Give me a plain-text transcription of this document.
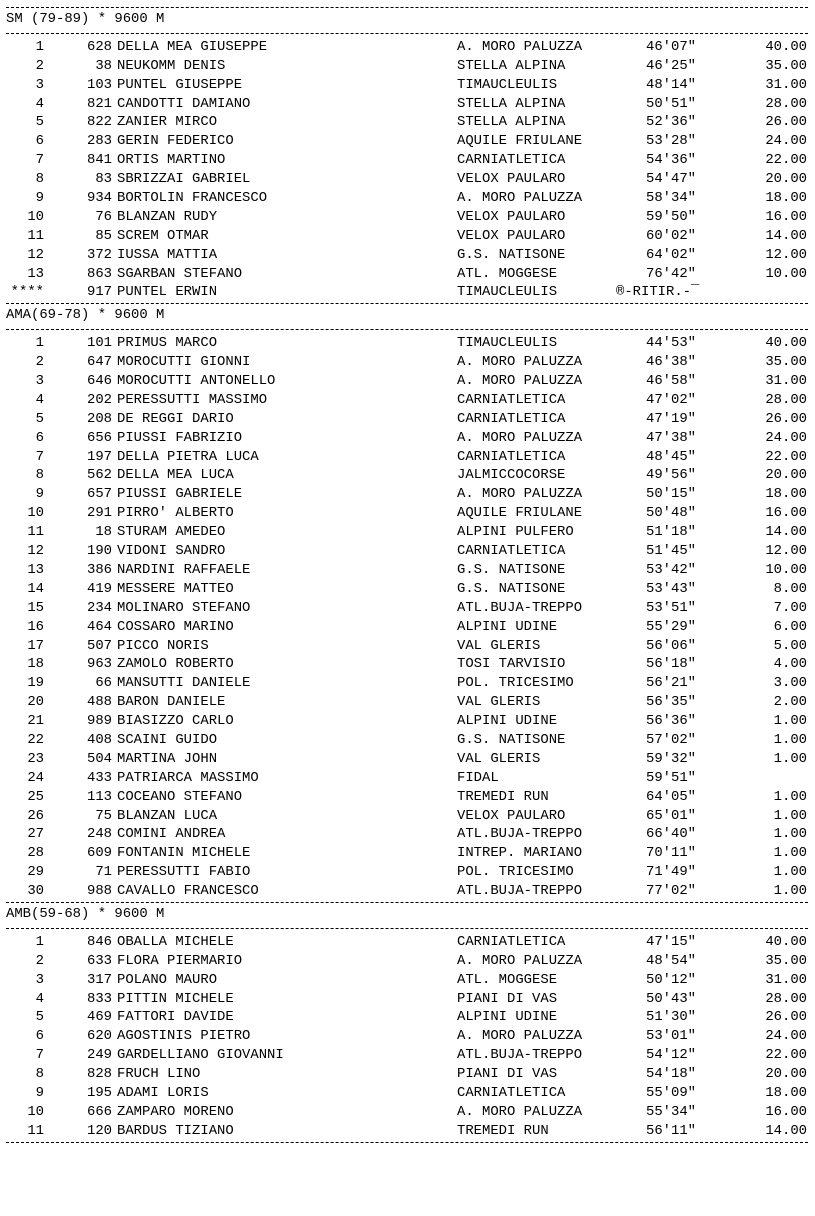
SM (79-89) * 9600 M
1	628 DELLA MEA GIUSEPPE	A. MORO PALUZZA	46'07"	40.00
2	38 NEUKOMM DENIS	STELLA ALPINA	46'25"	35.00
3	103 PUNTEL GIUSEPPE	TIMAUCLEULIS	48'14"	31.00
4	821 CANDOTTI DAMIANO	STELLA ALPINA	50'51"	28.00
5	822 ZANIER MIRCO	STELLA ALPINA	52'36"	26.00
6	283 GERIN FEDERICO	AQUILE FRIULANE	53'28"	24.00
7	841 ORTIS MARTINO	CARNIATLETICA	54'36"	22.00
8	83 SBRIZZAI GABRIEL	VELOX PAULARO	54'47"	20.00
9	934 BORTOLIN FRANCESCO	A. MORO PALUZZA	58'34"	18.00
10	76 BLANZAN RUDY	VELOX PAULARO	59'50"	16.00
11	85 SCREM OTMAR	VELOX PAULARO	60'02"	14.00
12	372 IUSSA MATTIA	G.S. NATISONE	64'02"	12.00
13	863 SGARBAN STEFANO	ATL. MOGGESE	76'42"	10.00
****	917 PUNTEL ERWIN	TIMAUCLEULIS	®-RITIR.-¯
AMA(69-78) * 9600 M
1	101 PRIMUS MARCO	TIMAUCLEULIS	44'53"	40.00
2	647 MOROCUTTI GIONNI	A. MORO PALUZZA	46'38"	35.00
3	646 MOROCUTTI ANTONELLO	A. MORO PALUZZA	46'58"	31.00
4	202 PERESSUTTI MASSIMO	CARNIATLETICA	47'02"	28.00
5	208 DE REGGI DARIO	CARNIATLETICA	47'19"	26.00
6	656 PIUSSI FABRIZIO	A. MORO PALUZZA	47'38"	24.00
7	197 DELLA PIETRA LUCA	CARNIATLETICA	48'45"	22.00
8	562 DELLA MEA LUCA	JALMICCOCORSE	49'56"	20.00
9	657 PIUSSI GABRIELE	A. MORO PALUZZA	50'15"	18.00
10	291 PIRRO' ALBERTO	AQUILE FRIULANE	50'48"	16.00
11	18 STURAM AMEDEO	ALPINI PULFERO	51'18"	14.00
12	190 VIDONI SANDRO	CARNIATLETICA	51'45"	12.00
13	386 NARDINI RAFFAELE	G.S. NATISONE	53'42"	10.00
14	419 MESSERE MATTEO	G.S. NATISONE	53'43"	8.00
15	234 MOLINARO STEFANO	ATL.BUJA-TREPPO	53'51"	7.00
16	464 COSSARO MARINO	ALPINI UDINE	55'29"	6.00
17	507 PICCO NORIS	VAL GLERIS	56'06"	5.00
18	963 ZAMOLO ROBERTO	TOSI TARVISIO	56'18"	4.00
19	66 MANSUTTI DANIELE	POL. TRICESIMO	56'21"	3.00
20	488 BARON DANIELE	VAL GLERIS	56'35"	2.00
21	989 BIASIZZO CARLO	ALPINI UDINE	56'36"	1.00
22	408 SCAINI GUIDO	G.S. NATISONE	57'02"	1.00
23	504 MARTINA JOHN	VAL GLERIS	59'32"	1.00
24	433 PATRIARCA MASSIMO	FIDAL	59'51"
25	113 COCEANO STEFANO	TREMEDI RUN	64'05"	1.00
26	75 BLANZAN LUCA	VELOX PAULARO	65'01"	1.00
27	248 COMINI ANDREA	ATL.BUJA-TREPPO	66'40"	1.00
28	609 FONTANIN MICHELE	INTREP. MARIANO	70'11"	1.00
29	71 PERESSUTTI FABIO	POL. TRICESIMO	71'49"	1.00
30	988 CAVALLO FRANCESCO	ATL.BUJA-TREPPO	77'02"	1.00
AMB(59-68) * 9600 M
1	846 OBALLA MICHELE	CARNIATLETICA	47'15"	40.00
2	633 FLORA PIERMARIO	A. MORO PALUZZA	48'54"	35.00
3	317 POLANO MAURO	ATL. MOGGESE	50'12"	31.00
4	833 PITTIN MICHELE	PIANI DI VAS	50'43"	28.00
5	469 FATTORI DAVIDE	ALPINI UDINE	51'30"	26.00
6	620 AGOSTINIS PIETRO	A. MORO PALUZZA	53'01"	24.00
7	249 GARDELLIANO GIOVANNI	ATL.BUJA-TREPPO	54'12"	22.00
8	828 FRUCH LINO	PIANI DI VAS	54'18"	20.00
9	195 ADAMI LORIS	CARNIATLETICA	55'09"	18.00
10	666 ZAMPARO MORENO	A. MORO PALUZZA	55'34"	16.00
11	120 BARDUS TIZIANO	TREMEDI RUN	56'11"	14.00
